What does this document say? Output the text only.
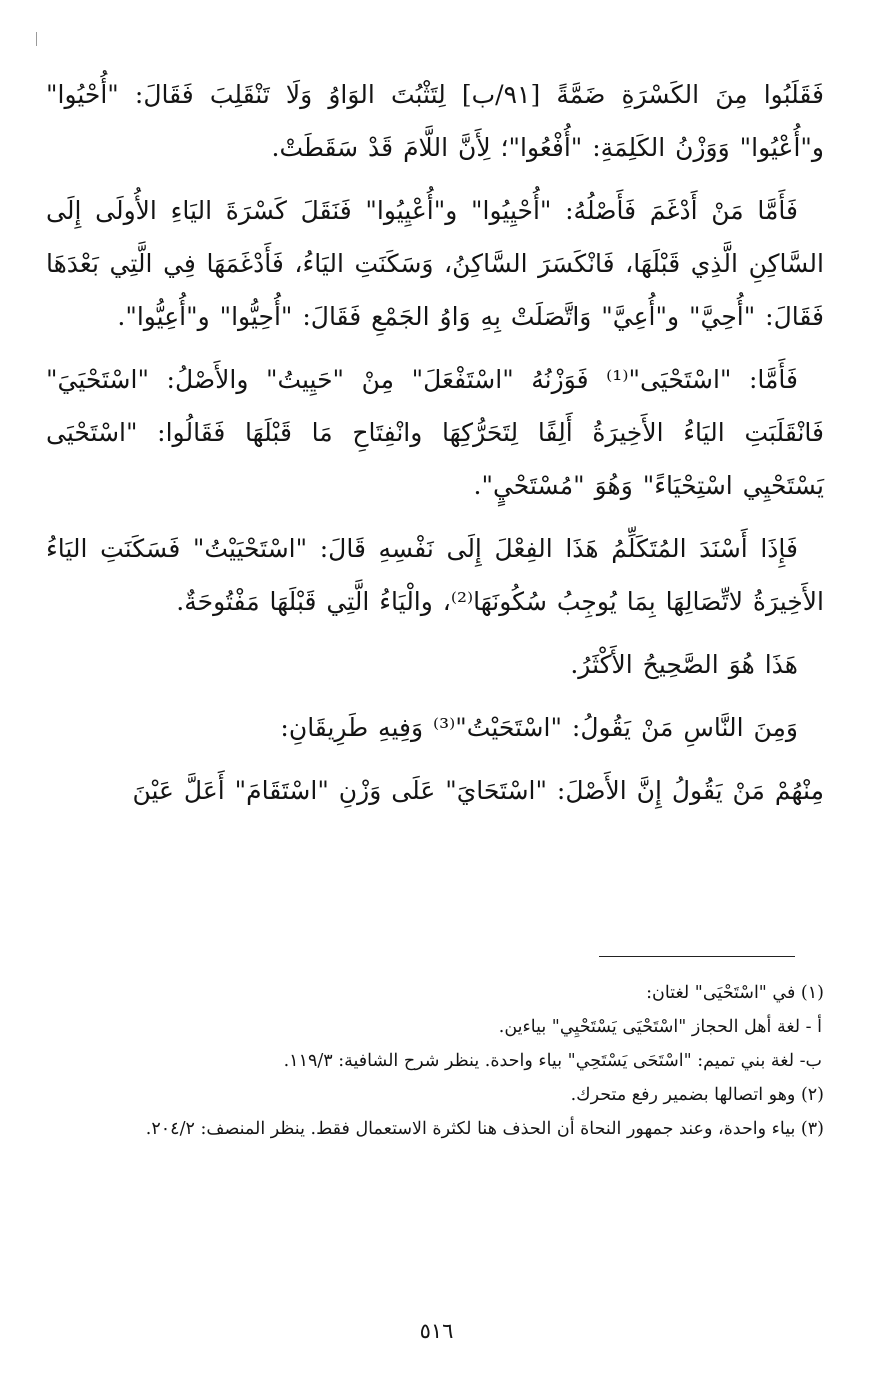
فَقَلَبُوا مِنَ الكَسْرَةِ ضَمَّةً [٩١/ب] لِتَثْبُتَ الوَاوُ وَلَا تَنْقَلِبَ فَقَالَ: "أُحْيُوا" و"أُعْيُوا" وَوَزْنُ الكَلِمَةِ: "أُفْعُوا"؛ لِأَنَّ اللَّامَ قَدْ سَقَطَتْ.

فَأَمَّا مَنْ أَدْغَمَ فَأَصْلُهُ: "أُحْيِيُوا" و"أُعْيِيُوا" فَنَقَلَ كَسْرَةَ اليَاءِ الأُولَى إِلَى السَّاكِنِ الَّذِي قَبْلَهَا، فَانْكَسَرَ السَّاكِنُ، وَسَكَنَتِ اليَاءُ، فَأَدْغَمَهَا فِي الَّتِي بَعْدَهَا فَقَالَ: "أُحِيَّ" و"أُعِيَّ" وَاتَّصَلَتْ بِهِ وَاوُ الجَمْعِ فَقَالَ: "أُحِيُّوا" و"أُعِيُّوا".

فَأَمَّا: "اسْتَحْيَى"⁽¹⁾ فَوَزْنُهُ "اسْتَفْعَلَ" مِنْ "حَيِيتُ" والأَصْلُ: "اسْتَحْيَيَ" فَانْقَلَبَتِ اليَاءُ الأَخِيرَةُ أَلِفًا لِتَحَرُّكِهَا وانْفِتَاحِ مَا قَبْلَهَا فَقَالُوا: "اسْتَحْيَى يَسْتَحْيِي اسْتِحْيَاءً" وَهُوَ "مُسْتَحْيٍ".

فَإِذَا أَسْنَدَ المُتَكَلِّمُ هَذَا الفِعْلَ إِلَى نَفْسِهِ قَالَ: "اسْتَحْيَيْتُ" فَسَكَنَتِ اليَاءُ الأَخِيرَةُ لاتِّصَالِهَا بِمَا يُوجِبُ سُكُونَهَا⁽²⁾، والْيَاءُ الَّتِي قَبْلَهَا مَفْتُوحَةٌ.

هَذَا هُوَ الصَّحِيحُ الأَكْثَرُ.

وَمِنَ النَّاسِ مَنْ يَقُولُ: "اسْتَحَيْتُ"⁽³⁾ وَفِيهِ طَرِيقَانِ:

مِنْهُمْ مَنْ يَقُولُ إِنَّ الأَصْلَ: "اسْتَحَايَ" عَلَى وَزْنِ "اسْتَقَامَ" أَعَلَّ عَيْنَ

(١) في "اسْتَحْيَى" لغتان:

أ - لغة أهل الحجاز "اسْتَحْيَى يَسْتَحْيِي" بياءين.

ب- لغة بني تميم: "اسْتَحَى يَسْتَحِي" بياء واحدة. ينظر شرح الشافية: ١١٩/٣.

(٢) وهو اتصالها بضمير رفع متحرك.

(٣) بياء واحدة، وعند جمهور النحاة أن الحذف هنا لكثرة الاستعمال فقط. ينظر المنصف: ٢٠٤/٢.

٥١٦
